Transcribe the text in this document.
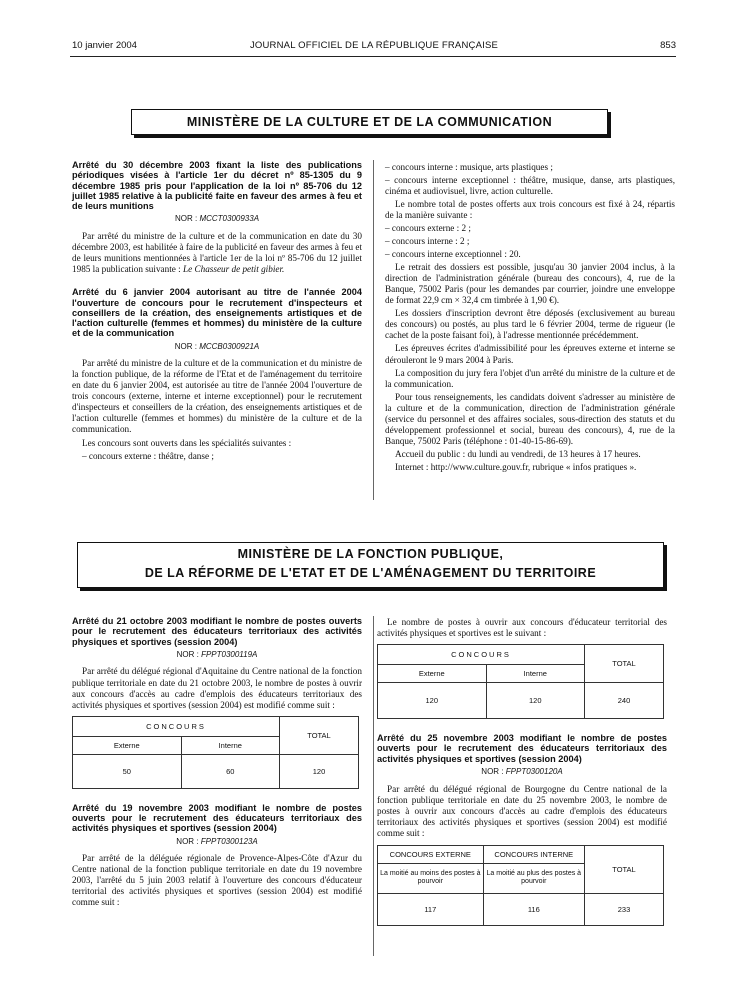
10 janvier 2004	JOURNAL OFFICIEL DE LA RÉPUBLIQUE FRANÇAISE	853
MINISTÈRE DE LA CULTURE ET DE LA COMMUNICATION
Arrêté du 30 décembre 2003 fixant la liste des publications périodiques visées à l'article 1er du décret nº 85-1305 du 9 décembre 1985 pris pour l'application de la loi nº 85-706 du 12 juillet 1985 relative à la publicité faite en faveur des armes à feu et de leurs munitions
NOR : MCCT0300933A

Par arrêté du ministre de la culture et de la communication en date du 30 décembre 2003, est habilitée à faire de la publicité en faveur des armes à feu et de leurs munitions mentionnées à l'article 1er de la loi nº 85-706 du 12 juillet 1985 la publication suivante : Le Chasseur de petit gibier.

Arrêté du 6 janvier 2004 autorisant au titre de l'année 2004 l'ouverture de concours pour le recrutement d'inspecteurs et conseillers de la création, des enseignements artistiques et de l'action culturelle (femmes et hommes) du ministère de la culture et de la communication
NOR : MCCB0300921A

Par arrêté du ministre de la culture et de la communication et du ministre de la fonction publique, de la réforme de l'Etat et de l'aménagement du territoire en date du 6 janvier 2004, est autorisée au titre de l'année 2004 l'ouverture de trois concours (externe, interne et interne exceptionnel) pour le recrutement d'inspecteurs et conseillers de la création, des enseignements artistiques et de l'action culturelle (femmes et hommes) du ministère de la culture et de la communication.

Les concours sont ouverts dans les spécialités suivantes :

– concours externe : théâtre, danse ;

– concours interne : musique, arts plastiques ;

– concours interne exceptionnel : théâtre, musique, danse, arts plastiques, cinéma et audiovisuel, livre, action culturelle.

Le nombre total de postes offerts aux trois concours est fixé à 24, répartis de la manière suivante :

– concours externe : 2 ;

– concours interne : 2 ;

– concours interne exceptionnel : 20.

Le retrait des dossiers est possible, jusqu'au 30 janvier 2004 inclus, à la direction de l'administration générale (bureau des concours), 4, rue de la Banque, 75002 Paris (pour les demandes par courrier, joindre une enveloppe de format 22,9 cm × 32,4 cm timbrée à 1,90 €).

Les dossiers d'inscription devront être déposés (exclusivement au bureau des concours) ou postés, au plus tard le 6 février 2004, terme de rigueur (le cachet de la poste faisant foi), à l'adresse mentionnée précédemment.

Les épreuves écrites d'admissibilité pour les épreuves externe et interne se dérouleront le 9 mars 2004 à Paris.

La composition du jury fera l'objet d'un arrêté du ministre de la culture et de la communication.

Pour tous renseignements, les candidats doivent s'adresser au ministère de la culture et de la communication, direction de l'administration générale (service du personnel et des affaires sociales, sous-direction des statuts et du développement professionnel et social, bureau des concours), 4, rue de la Banque, 75002 Paris (téléphone : 01-40-15-86-69).

Accueil du public : du lundi au vendredi, de 13 heures à 17 heures.

Internet : http://www.culture.gouv.fr, rubrique « infos pratiques ».

MINISTÈRE DE LA FONCTION PUBLIQUE,
DE LA RÉFORME DE L'ETAT ET DE L'AMÉNAGEMENT DU TERRITOIRE
Arrêté du 21 octobre 2003 modifiant le nombre de postes ouverts pour le recrutement des éducateurs territoriaux des activités physiques et sportives (session 2004)
NOR : FPPT0300119A

Par arrêté du délégué régional d'Aquitaine du Centre national de la fonction publique territoriale en date du 21 octobre 2003, le nombre de postes à ouvrir aux concours d'accès au cadre d'emplois des éducateurs territoriaux des activités physiques et sportives (session 2004) est modifié comme suit :

CONCOURS		TOTAL
Externe	Interne	
50	60	120
Arrêté du 19 novembre 2003 modifiant le nombre de postes ouverts pour le recrutement des éducateurs territoriaux des activités physiques et sportives (session 2004)
NOR : FPPT0300123A

Par arrêté de la déléguée régionale de Provence-Alpes-Côte d'Azur du Centre national de la fonction publique territoriale en date du 19 novembre 2003, l'arrêté du 5 juin 2003 relatif à l'ouverture des concours d'éducateur territorial des activités physiques et sportives (session 2004) est modifié comme suit :

Le nombre de postes à ouvrir aux concours d'éducateur territorial des activités physiques et sportives est le suivant :

CONCOURS		TOTAL
Externe	Interne	
120	120	240
Arrêté du 25 novembre 2003 modifiant le nombre de postes ouverts pour le recrutement des éducateurs territoriaux des activités physiques et sportives (session 2004)
NOR : FPPT0300120A

Par arrêté du délégué régional de Bourgogne du Centre national de la fonction publique territoriale en date du 25 novembre 2003, le nombre de postes à ouvrir aux concours d'accès au cadre d'emplois des éducateurs territoriaux des activités physiques et sportives (session 2004) est modifié comme suit :

CONCOURS EXTERNE	CONCOURS INTERNE	TOTAL
La moitié au moins des postes à pourvoir	La moitié au plus des postes à pourvoir	
117	116	233
